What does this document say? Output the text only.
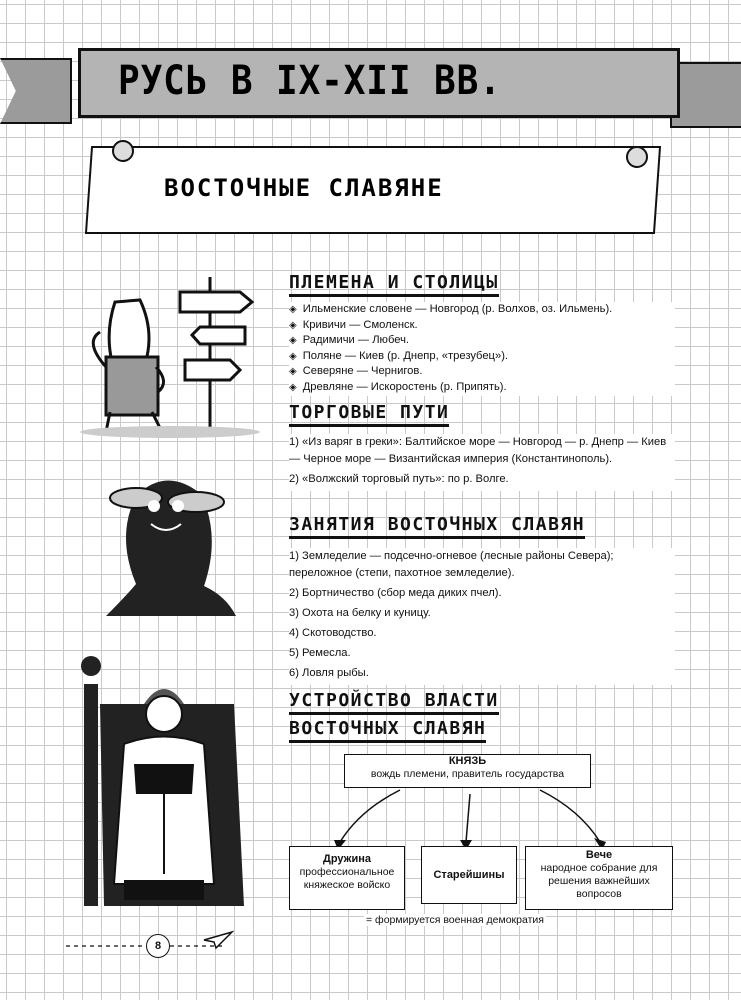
РУСЬ В IX-XII ВВ.
ВОСТОЧНЫЕ СЛАВЯНЕ
ПЛЕМЕНА И СТОЛИЦЫ
◈ Ильменские словене — Новгород (р. Волхов, оз. Ильмень).
◈ Кривичи — Смоленск.
◈ Радимичи — Любеч.
◈ Поляне — Киев (р. Днепр, «трезубец»).
◈ Северяне — Чернигов.
◈ Древляне — Искоростень (р. Припять).
ТОРГОВЫЕ ПУТИ

1) «Из варяг в греки»: Балтийское море — Новгород — р. Днепр — Киев — Черное море — Византийская империя (Константинополь).

2) «Волжский торговый путь»: по р. Волге.

ЗАНЯТИЯ ВОСТОЧНЫХ СЛАВЯН

1) Земледелие — подсечно-огневое (лесные районы Севера); переложное (степи, пахотное земледелие).

2) Бортничество (сбор меда диких пчел).

3) Охота на белку и куницу.

4) Скотоводство.

5) Ремесла.

6) Ловля рыбы.

УСТРОЙСТВО ВЛАСТИ
ВОСТОЧНЫХ СЛАВЯН
КНЯЗЬ
вождь племени, правитель государства
Дружина
профессиональное княжеское войско
Старейшины
Вече
народное собрание для решения важнейших вопросов
= формируется военная демократия
8
